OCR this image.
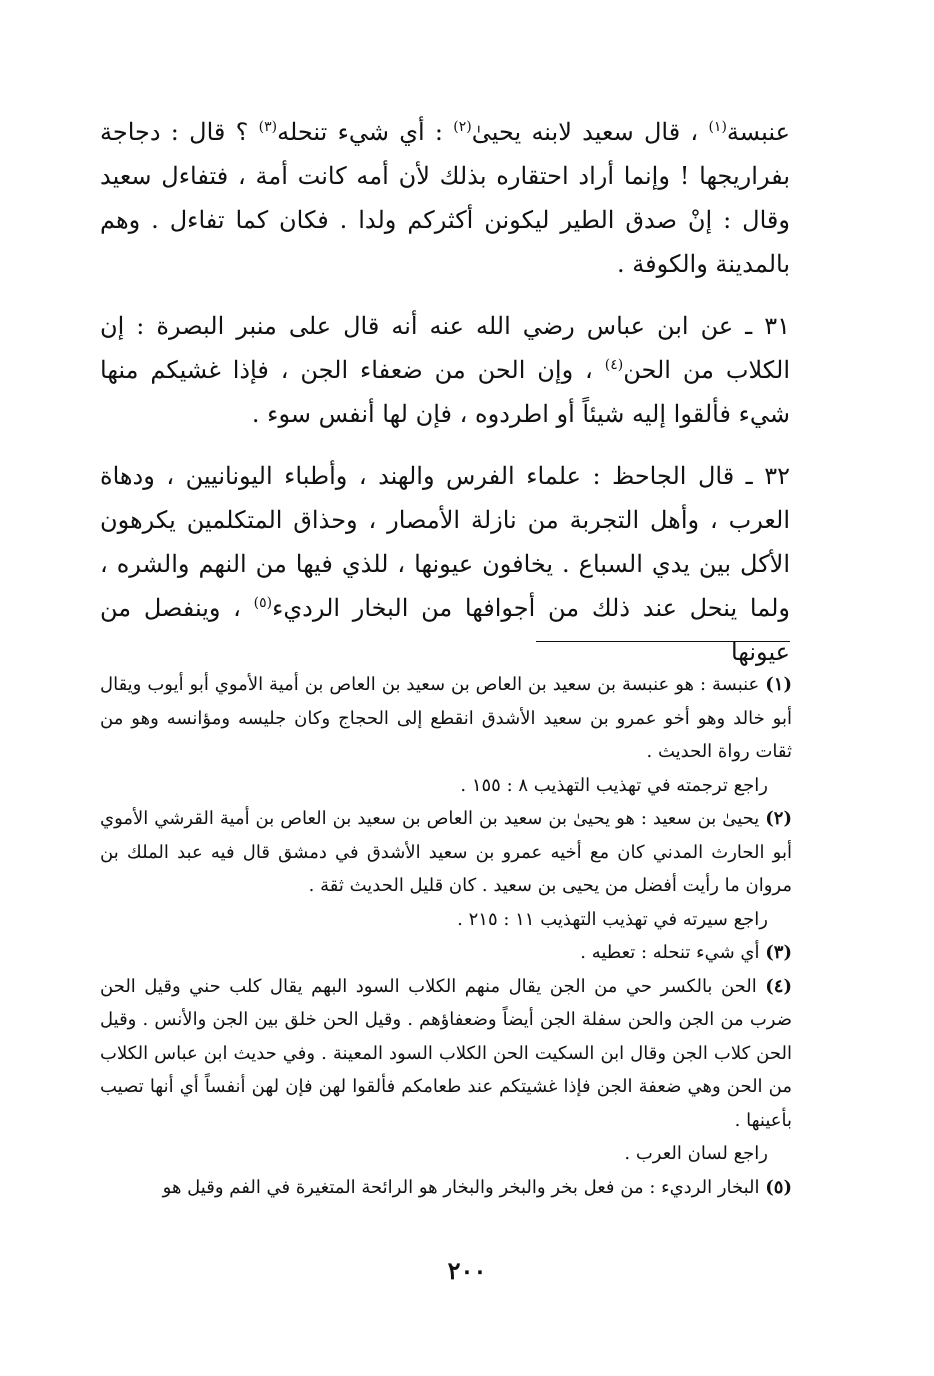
عنبسة$^{(١)}$ ، قال سعيد لابنه يحيىٰ$^{(٢)}$ : أي شيء تنحله$^{(٣)}$ ؟ قال : دجاجة بفراريجها ! وإنما أراد احتقاره بذلك لأن أمه كانت أمة ، فتفاءل سعيد وقال : إنْ صدق الطير ليكونن أكثركم ولدا . فكان كما تفاءل . وهم بالمدينة والكوفة .

٣١ ـ عن ابن عباس رضي الله عنه أنه قال على منبر البصرة : إن الكلاب من الحن$^{(٤)}$ ، وإن الحن من ضعفاء الجن ، فإذا غشيكم منها شيء فألقوا إليه شيئاً أو اطردوه ، فإن لها أنفس سوء .

٣٢ ـ قال الجاحظ : علماء الفرس والهند ، وأطباء اليونانيين ، ودهاة العرب ، وأهل التجربة من نازلة الأمصار ، وحذاق المتكلمين يكرهون الأكل بين يدي السباع . يخافون عيونها ، للذي فيها من النهم والشره ، ولما ينحل عند ذلك من أجوافها من البخار الرديء$^{(٥)}$ ، وينفصل من عيونها

(١) عنبسة : هو عنبسة بن سعيد بن العاص بن سعيد بن العاص بن أمية الأموي أبو أيوب ويقال أبو خالد وهو أخو عمرو بن سعيد الأشدق انقطع إلى الحجاج وكان جليسه ومؤانسه وهو من ثقات رواة الحديث .

راجع ترجمته في تهذيب التهذيب ٨ : ١٥٥ .

(٢) يحيىٰ بن سعيد : هو يحيىٰ بن سعيد بن العاص بن سعيد بن العاص بن أمية القرشي الأموي أبو الحارث المدني كان مع أخيه عمرو بن سعيد الأشدق في دمشق قال فيه عبد الملك بن مروان ما رأيت أفضل من يحيى بن سعيد . كان قليل الحديث ثقة .

راجع سيرته في تهذيب التهذيب ١١ : ٢١٥ .

(٣) أي شيء تنحله : تعطيه .

(٤) الحن بالكسر حي من الجن يقال منهم الكلاب السود البهم يقال كلب حني وقيل الحن ضرب من الجن والحن سفلة الجن أيضاً وضعفاؤهم . وقيل الحن خلق بين الجن والأنس . وقيل الحن كلاب الجن وقال ابن السكيت الحن الكلاب السود المعينة . وفي حديث ابن عباس الكلاب من الحن وهي ضعفة الجن فإذا غشيتكم عند طعامكم فألقوا لهن فإن لهن أنفساً أي أنها تصيب بأعينها .

راجع لسان العرب .

(٥) البخار الرديء : من فعل بخر والبخر والبخار هو الرائحة المتغيرة في الفم وقيل هو

٢٠٠
